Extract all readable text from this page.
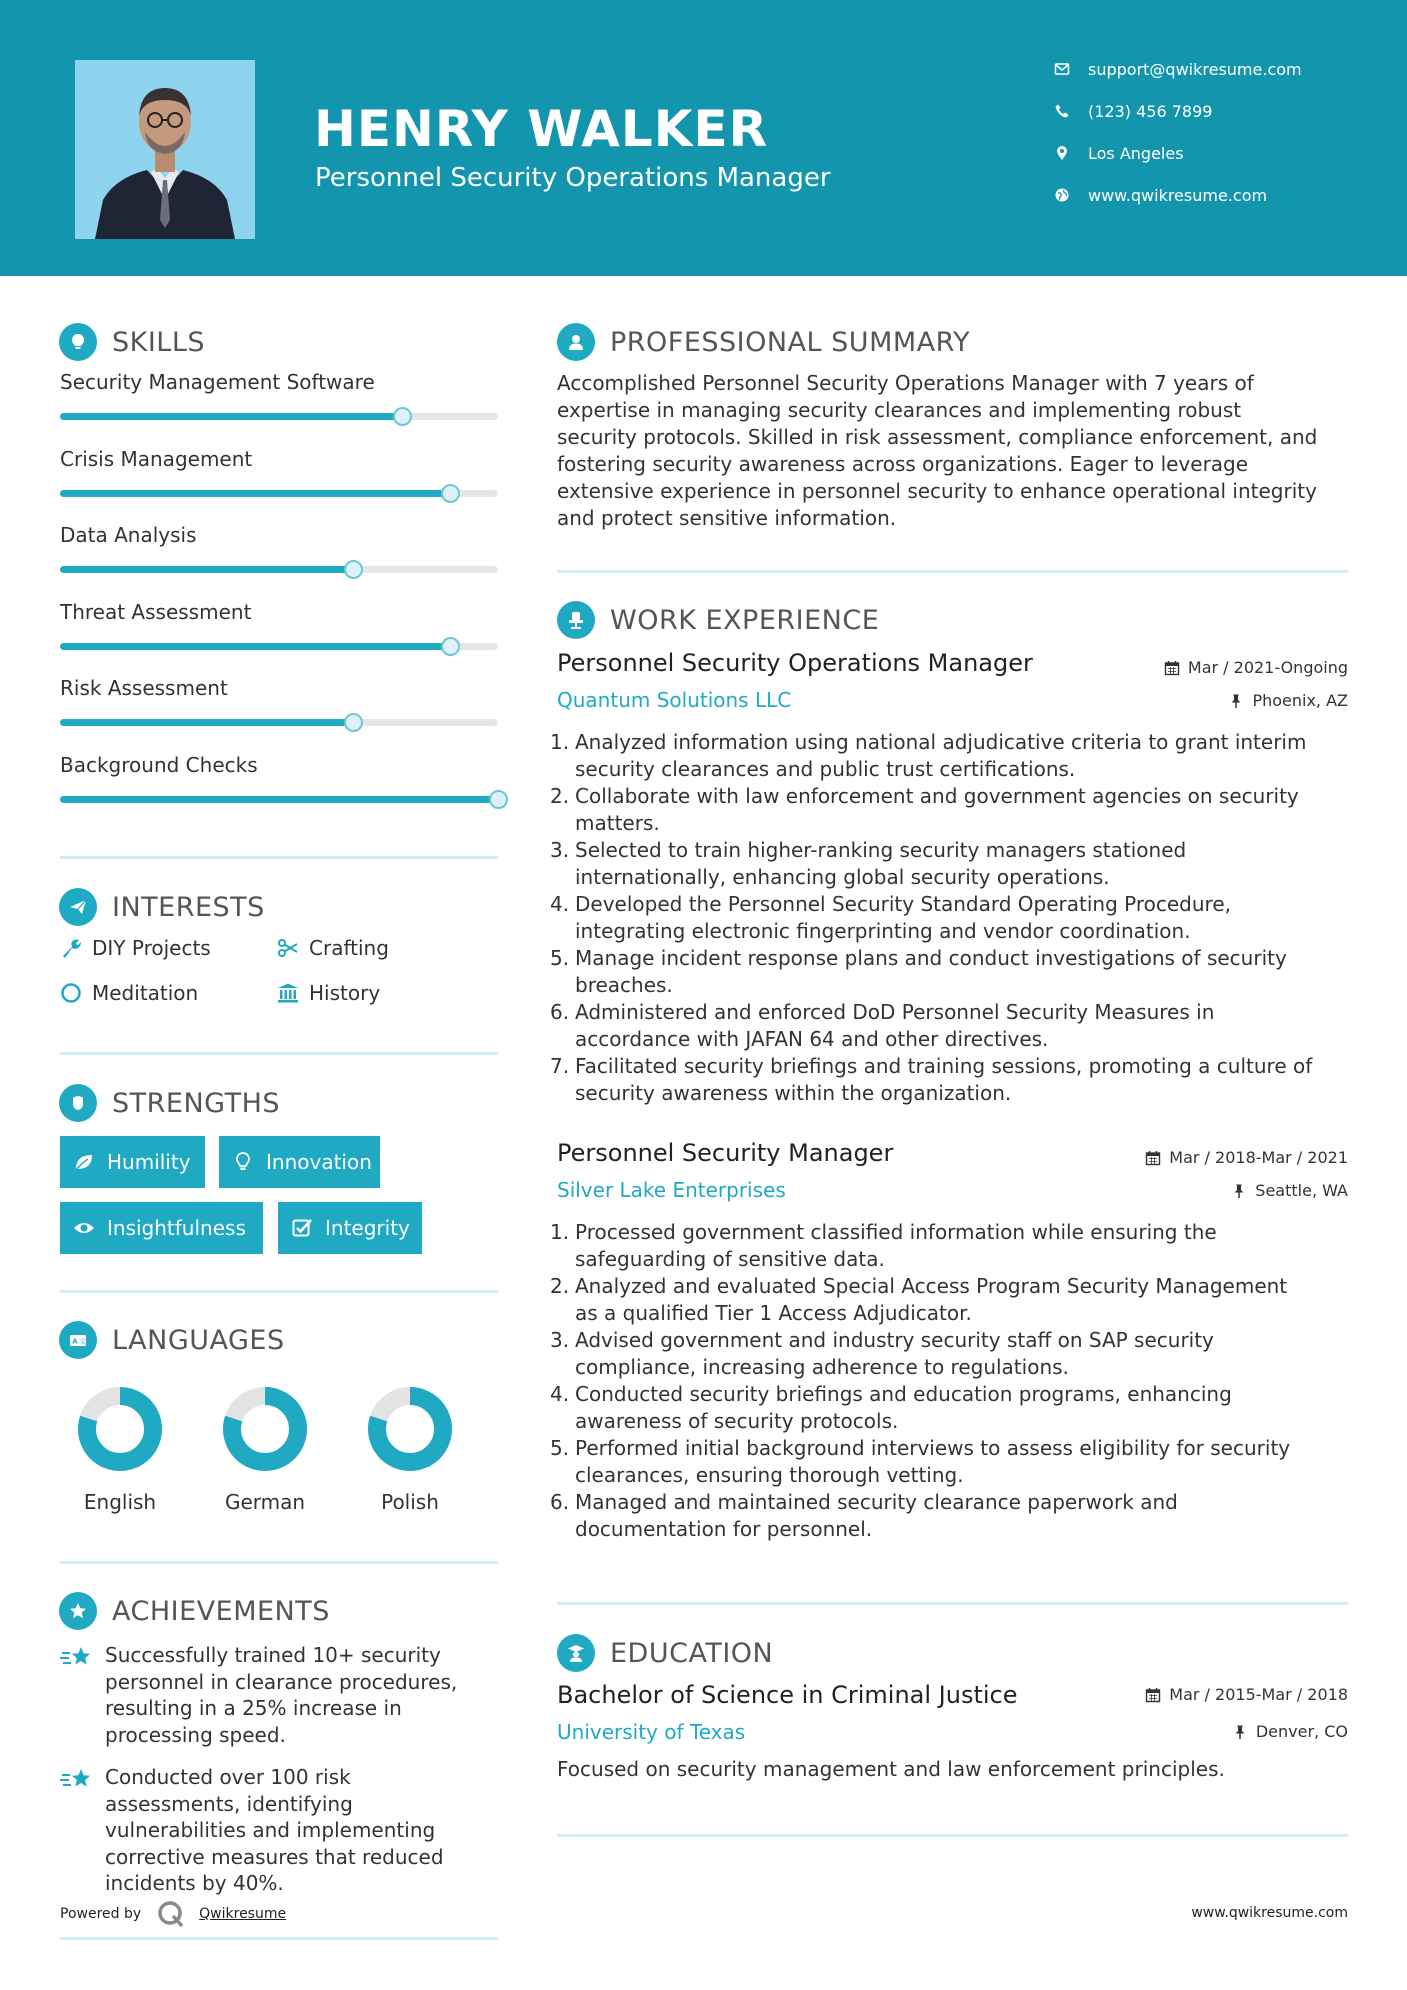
HENRY WALKER
Personnel Security Operations Manager
support@qwikresume.com
(123) 456 7899
Los Angeles
www.qwikresume.com
SKILLS
Security Management Software
Crisis Management
Data Analysis
Threat Assessment
Risk Assessment
Background Checks
INTERESTS
DIY Projects	Crafting
Meditation	History
STRENGTHS
Humility	Innovation
Insightfulness	Integrity
A 文 LANGUAGES
English	German	Polish
ACHIEVEMENTS
Successfully trained 10+ security personnel in clearance procedures, resulting in a 25% increase in processing speed.
Conducted over 100 risk assessments, identifying vulnerabilities and implementing corrective measures that reduced incidents by 40%.
Powered by	Qwikresume
PROFESSIONAL SUMMARY
Accomplished Personnel Security Operations Manager with 7 years of
expertise in managing security clearances and implementing robust
security protocols. Skilled in risk assessment, compliance enforcement, and
fostering security awareness across organizations. Eager to leverage
extensive experience in personnel security to enhance operational integrity
and protect sensitive information.
WORK EXPERIENCE
Personnel Security Operations Manager	Mar / 2021-Ongoing
Quantum Solutions LLC	Phoenix, AZ
1. Analyzed information using national adjudicative criteria to grant interim
security clearances and public trust certifications.
2. Collaborate with law enforcement and government agencies on security
matters.
3. Selected to train higher-ranking security managers stationed
internationally, enhancing global security operations.
4. Developed the Personnel Security Standard Operating Procedure,
integrating electronic fingerprinting and vendor coordination.
5. Manage incident response plans and conduct investigations of security
breaches.
6. Administered and enforced DoD Personnel Security Measures in
accordance with JAFAN 64 and other directives.
7. Facilitated security briefings and training sessions, promoting a culture of
security awareness within the organization.
Personnel Security Manager	Mar / 2018-Mar / 2021
Silver Lake Enterprises	Seattle, WA
1. Processed government classified information while ensuring the
safeguarding of sensitive data.
2. Analyzed and evaluated Special Access Program Security Management
as a qualified Tier 1 Access Adjudicator.
3. Advised government and industry security staff on SAP security
compliance, increasing adherence to regulations.
4. Conducted security briefings and education programs, enhancing
awareness of security protocols.
5. Performed initial background interviews to assess eligibility for security
clearances, ensuring thorough vetting.
6. Managed and maintained security clearance paperwork and
documentation for personnel.
EDUCATION
Bachelor of Science in Criminal Justice	Mar / 2015-Mar / 2018
University of Texas	Denver, CO
Focused on security management and law enforcement principles.
www.qwikresume.com
